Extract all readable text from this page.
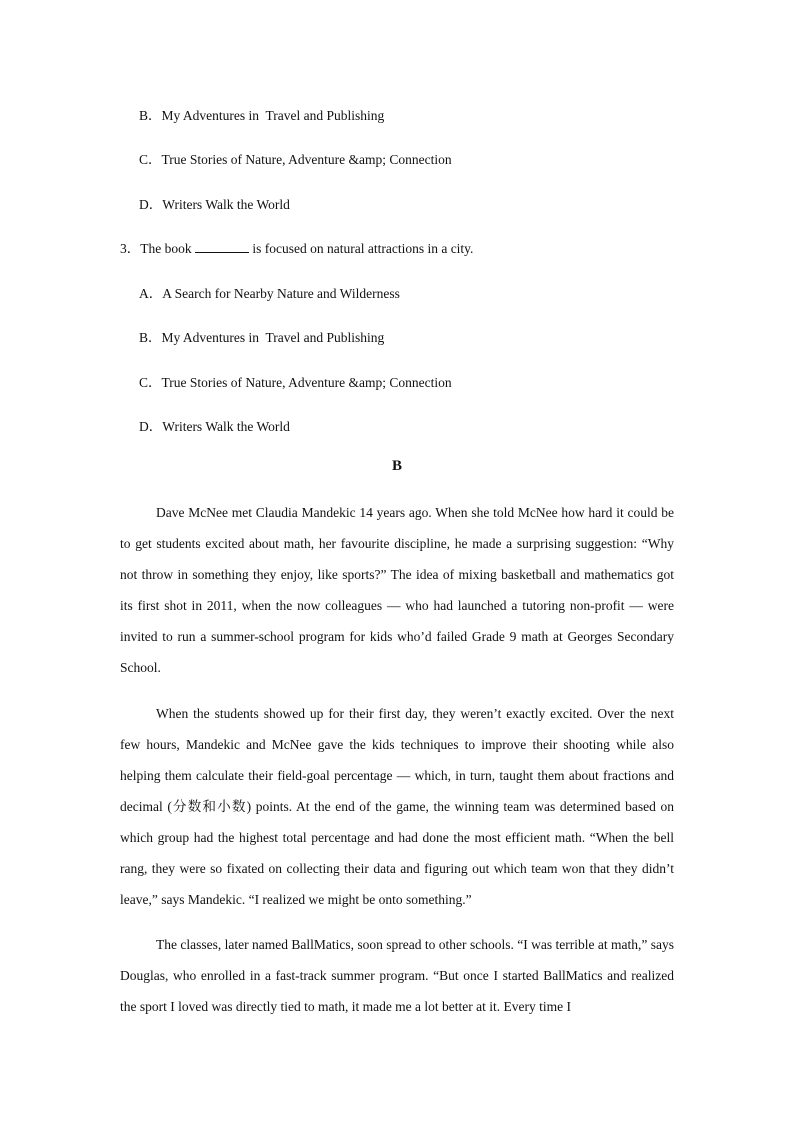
B．My Adventures in  Travel and Publishing
C．True Stories of Nature, Adventure &amp; Connection
D．Writers Walk the World
3．The book	is focused on natural attractions in a city.
A．A Search for Nearby Nature and Wilderness
B．My Adventures in  Travel and Publishing
C．True Stories of Nature, Adventure &amp; Connection
D．Writers Walk the World
B

Dave McNee met Claudia Mandekic 14 years ago. When she told McNee how hard it could be to get students excited about math, her favourite discipline, he made a surprising suggestion: “Why not throw in something they enjoy, like sports?” The idea of mixing basketball and mathematics got its first shot in 2011, when the now colleagues — who had launched a tutoring non-profit — were invited to run a summer-school program for kids who’d failed Grade 9 math at Georges Secondary School.

When the students showed up for their first day, they weren’t exactly excited. Over the next few hours, Mandekic and McNee gave the kids techniques to improve their shooting while also helping them calculate their field-goal percentage — which, in turn, taught them about fractions and decimal (分数和小数) points. At the end of the game, the winning team was determined based on which group had the highest total percentage and had done the most efficient math. “When the bell rang, they were so fixated on collecting their data and figuring out which team won that they didn’t leave,” says Mandekic. “I realized we might be onto something.”

The classes, later named BallMatics, soon spread to other schools. “I was terrible at math,” says Douglas, who enrolled in a fast-track summer program. “But once I started BallMatics and realized the sport I loved was directly tied to math, it made me a lot better at it. Every time I
